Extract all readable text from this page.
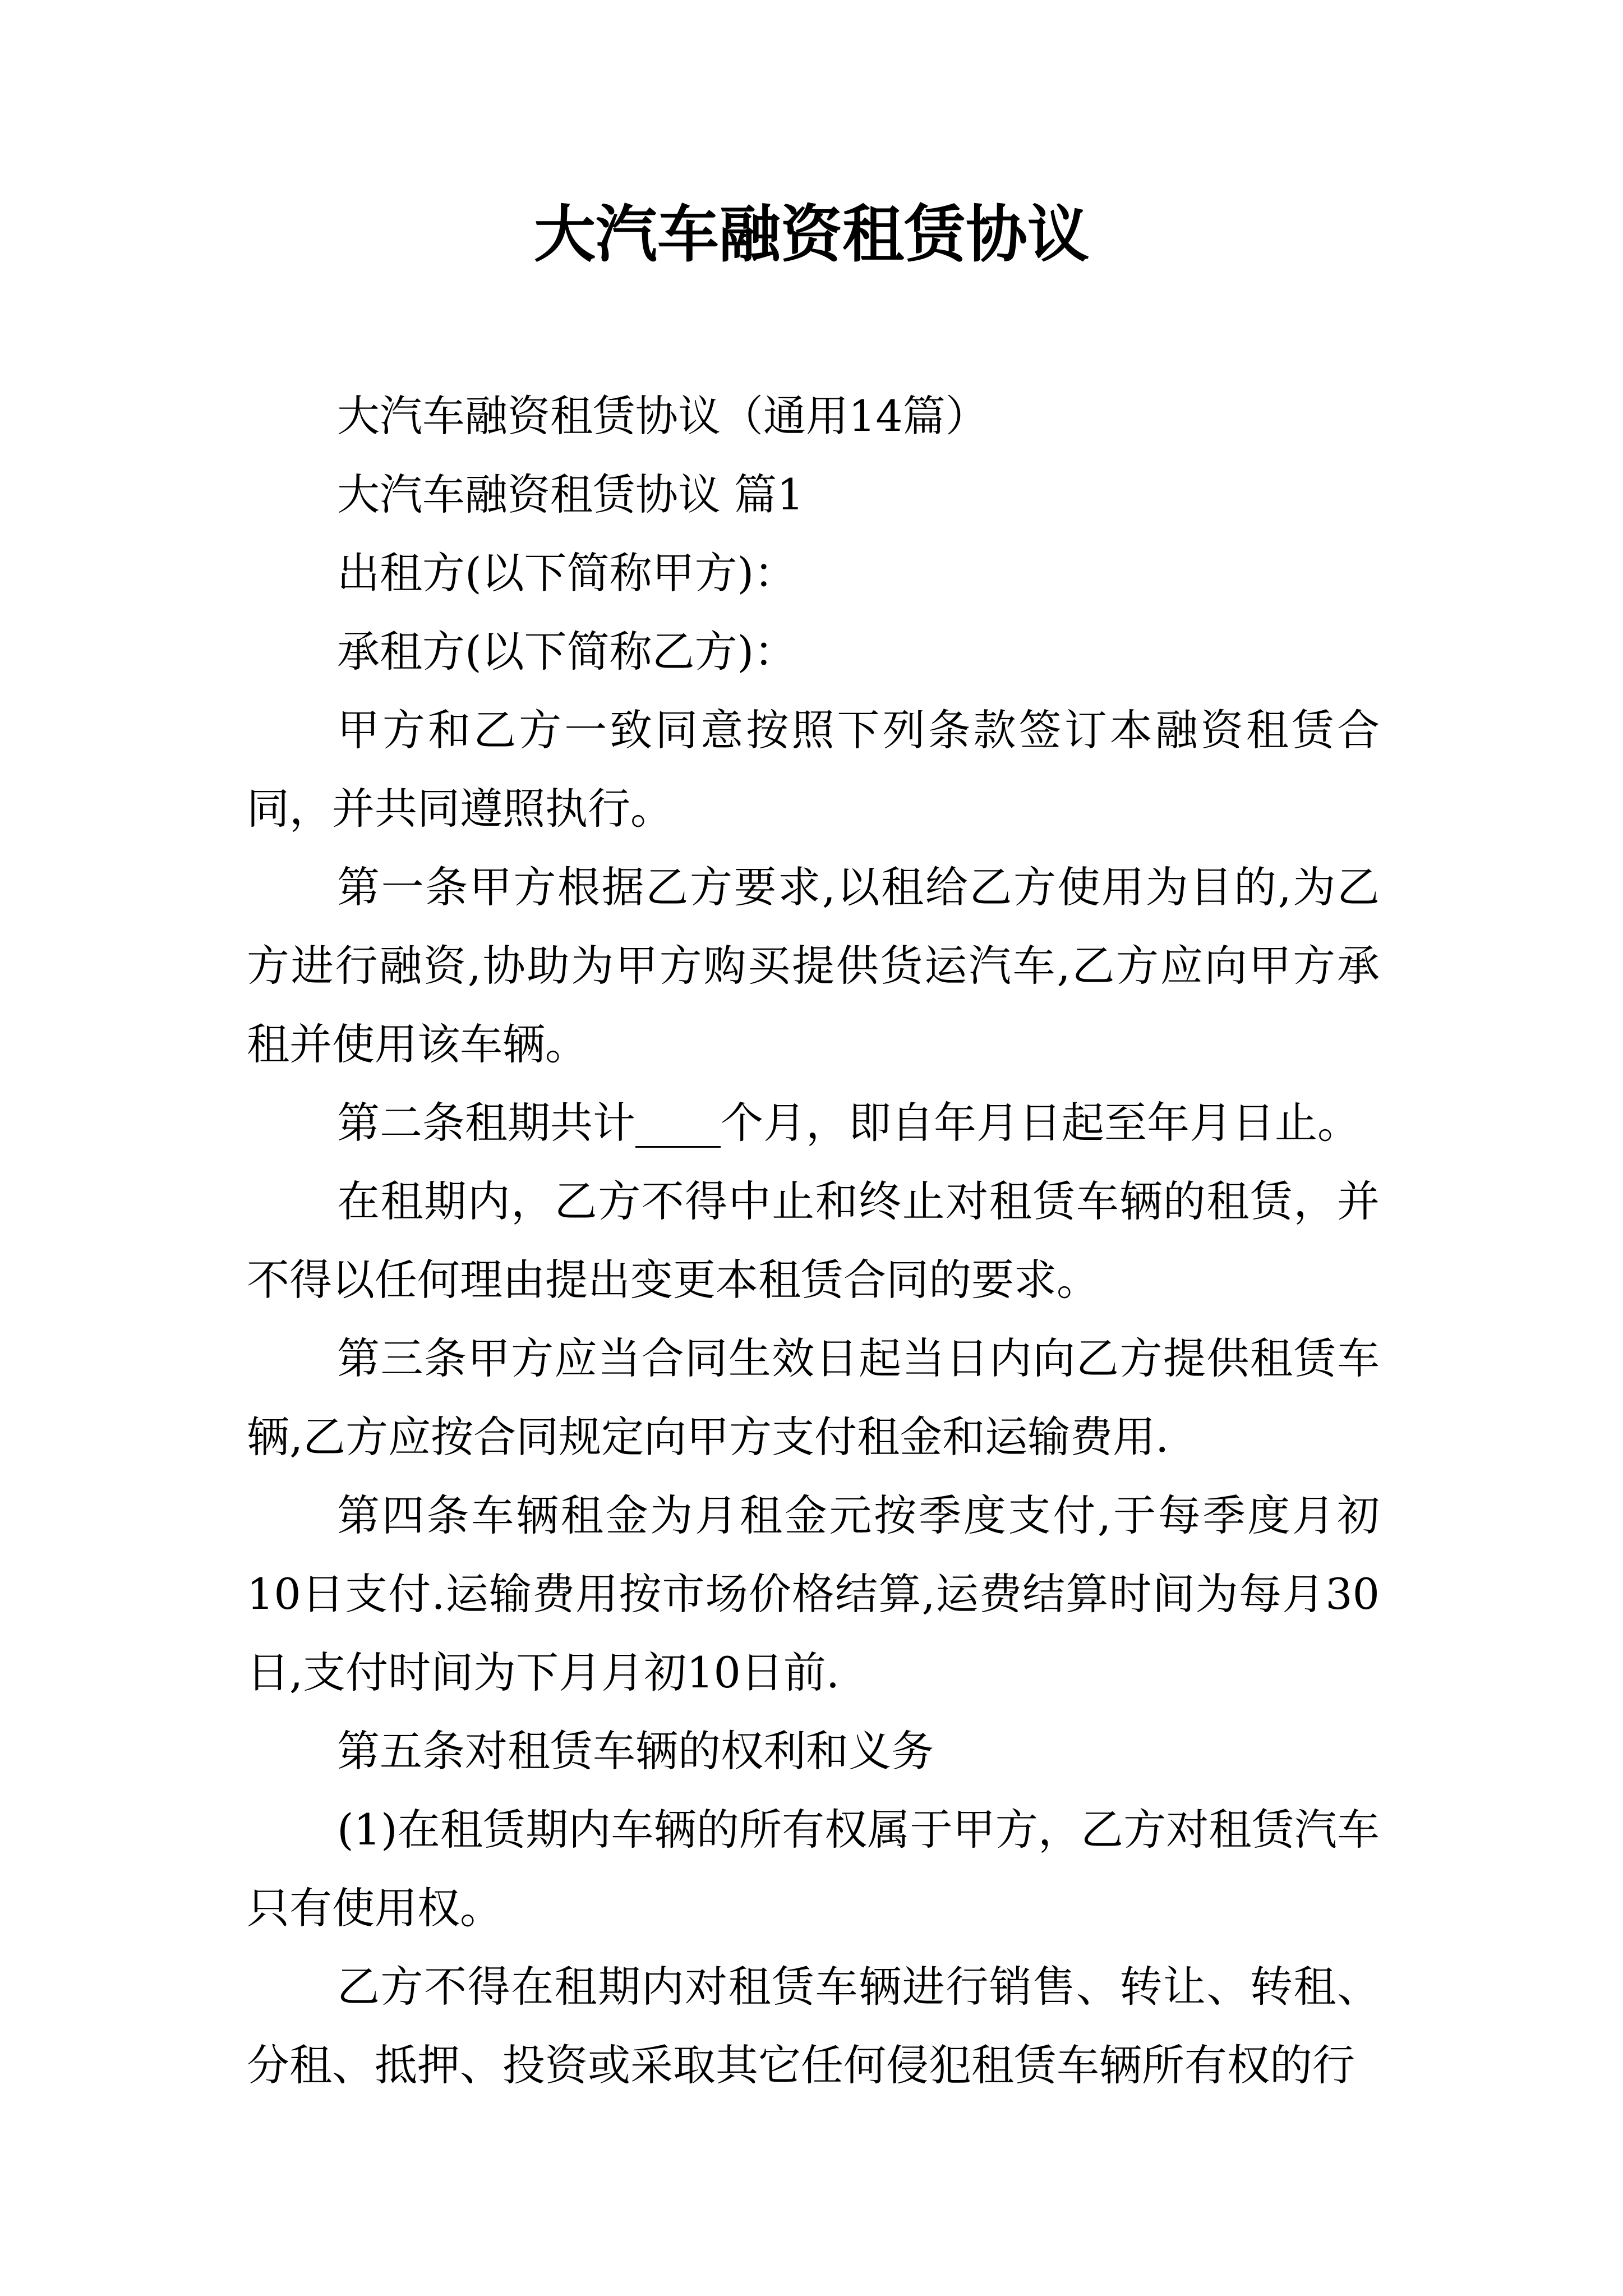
大汽车融资租赁协议

大汽车融资租赁协议（通用14篇）

大汽车融资租赁协议 篇1

出租方(以下简称甲方)：

承租方(以下简称乙方)：

甲方和乙方一致同意按照下列条款签订本融资租赁合同，并共同遵照执行。

第一条甲方根据乙方要求,以租给乙方使用为目的,为乙方进行融资,协助为甲方购买提供货运汽车,乙方应向甲方承租并使用该车辆。

第二条租期共计____个月，即自年月日起至年月日止。

在租期内，乙方不得中止和终止对租赁车辆的租赁，并不得以任何理由提出变更本租赁合同的要求。

第三条甲方应当合同生效日起当日内向乙方提供租赁车辆,乙方应按合同规定向甲方支付租金和运输费用.

第四条车辆租金为月租金元按季度支付,于每季度月初10日支付.运输费用按市场价格结算,运费结算时间为每月30日,支付时间为下月月初10日前.

第五条对租赁车辆的权利和义务

(1)在租赁期内车辆的所有权属于甲方，乙方对租赁汽车只有使用权。

乙方不得在租期内对租赁车辆进行销售、转让、转租、分租、抵押、投资或采取其它任何侵犯租赁车辆所有权的行
